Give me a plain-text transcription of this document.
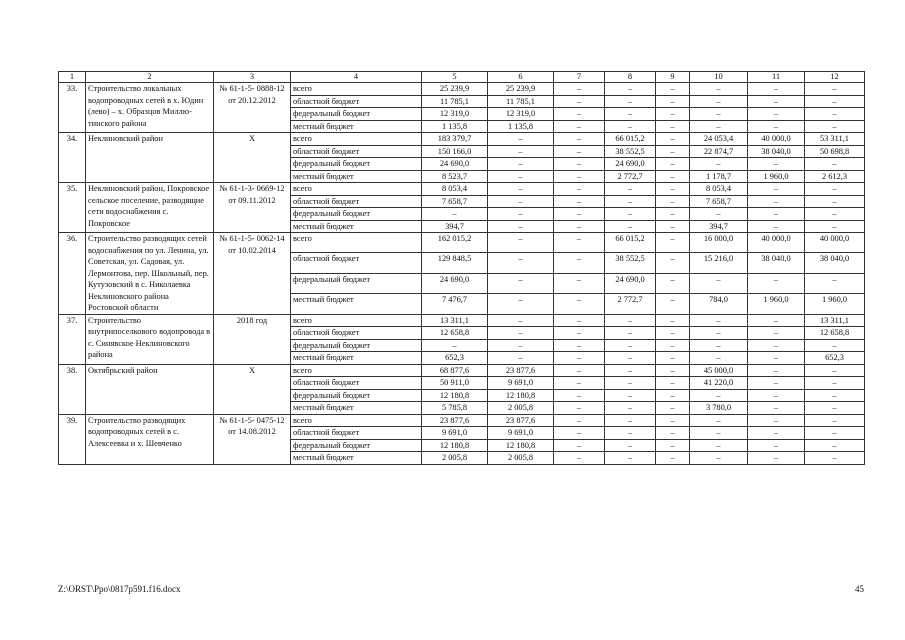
1	2	3	4	5	6	7	8	9	10	11	12
33.	Строительство локальных водопроводных сетей в х. Юдин (лево) – х. Образцов Миллю- тинского района	№ 61-1-5- 0888-12 от 20.12.2012	всего	25 239,9	25 239,9	–	–	–	–	–	–
			областной бюджет	11 785,1	11 785,1	–	–	–	–	–	–
			федеральный бюджет	12 319,0	12 319,0	–	–	–	–	–	–
			местный бюджет	1 135,8	1 135,8	–	–	–	–	–	–
34.	Неклиновский район	Х	всего	183 379,7	–	–	66 015,2	–	24 053,4	40 000,0	53 311,1
			областной бюджет	150 166,0	–	–	38 552,5	–	22 874,7	38 040,0	50 698,8
			федеральный бюджет	24 690,0	–	–	24 690,0	–	–	–	–
			местный бюджет	8 523,7	–	–	2 772,7	–	1 178,7	1 960,0	2 612,3
35.	Неклиновский район, Покровское сельское поселение, разводящие сети водоснабжения с. Покровское	№ 61-1-3- 0669-12 от 09.11.2012	всего	8 053,4	–	–	–	–	8 053,4	–	–
			областной бюджет	7 658,7	–	–	–	–	7 658,7	–	–
			федеральный бюджет	–	–	–	–	–	–	–	–
			местный бюджет	394,7	–	–	–	–	394,7	–	–
36.	Строительство разводящих сетей водоснабжения по ул. Ленина, ул. Советская, ул. Садовая, ул. Лермонтова, пер. Школьный, пер. Кутузовский в с. Николаевка Неклиновского района Ростовской области	№ 61-1-5- 0062-14 от 10.02.2014	всего	162 015,2	–	–	66 015,2	–	16 000,0	40 000,0	40 000,0
			областной бюджет	129 848,5	–	–	38 552,5	–	15 216,0	38 040,0	38 040,0
			федеральный бюджет	24 690,0	–	–	24 690,0	–	–	–	–
			местный бюджет	7 476,7	–	–	2 772,7	–	784,0	1 960,0	1 960,0
37.	Строительство внутрипоселкового водопровода в с. Синявское Неклиновского района	2018 год	всего	13 311,1	–	–	–	–	–	–	13 311,1
			областной бюджет	12 658,8	–	–	–	–	–	–	12 658,8
			федеральный бюджет	–	–	–	–	–	–	–	–
			местный бюджет	652,3	–	–	–	–	–	–	652,3
38.	Октябрьский район	Х	всего	68 877,6	23 877,6	–	–	–	45 000,0	–	–
			областной бюджет	50 911,0	9 691,0	–	–	–	41 220,0	–	–
			федеральный бюджет	12 180,8	12 180,8	–	–	–	–	–	–
			местный бюджет	5 785,8	2 005,8	–	–	–	3 780,0	–	–
39.	Строительство разводящих водопроводных сетей в с. Алексеевка и х. Шевченко	№ 61-1-5- 0475-12 от 14.08.2012	всего	23 877,6	23 877,6	–	–	–	–	–	–
			областной бюджет	9 691,0	9 691,0	–	–	–	–	–	–
			федеральный бюджет	12 180,8	12 180,8	–	–	–	–	–	–
			местный бюджет	2 005,8	2 005,8	–	–	–	–	–	–
Z:\ORST\Ppo\0817p591.f16.docx	45
